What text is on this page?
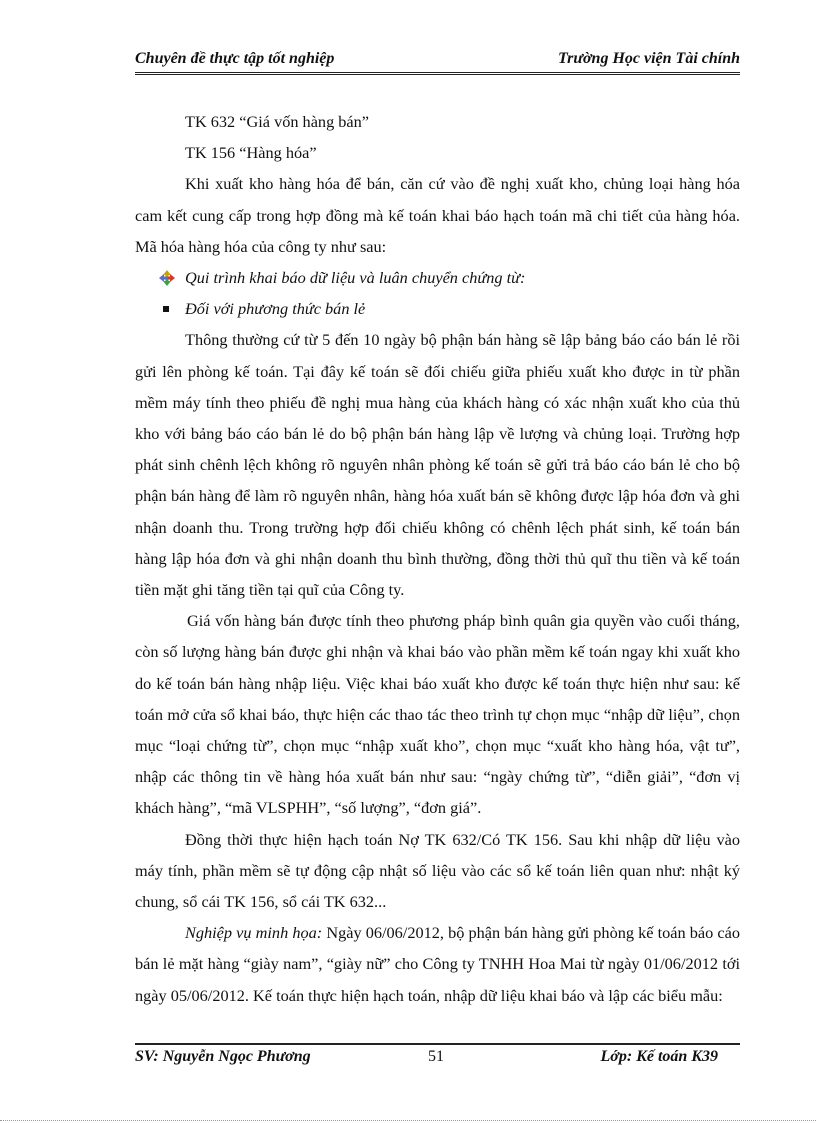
Chuyên đề thực tập tốt nghiệp	Trường Học viện Tài chính

TK 632 “Giá vốn hàng bán”

TK 156 “Hàng hóa”

Khi xuất kho hàng hóa để bán, căn cứ vào đề nghị xuất kho, chủng loại hàng hóa cam kết cung cấp trong hợp đồng mà kế toán khai báo hạch toán mã chi tiết của hàng hóa. Mã hóa hàng hóa của công ty như sau:

Qui trình khai báo dữ liệu và luân chuyển chứng từ:

Đối với phương thức bán lẻ

Thông thường cứ từ 5 đến 10 ngày bộ phận bán hàng sẽ lập bảng báo cáo bán lẻ rồi gửi lên phòng kế toán. Tại đây kế toán sẽ đối chiếu giữa phiếu xuất kho được in từ phần mềm máy tính theo phiếu đề nghị mua hàng của khách hàng có xác nhận xuất kho của thủ kho với bảng báo cáo bán lẻ do bộ phận bán hàng lập về lượng và chủng loại. Trường hợp phát sinh chênh lệch không rõ nguyên nhân phòng kế toán sẽ gửi trả báo cáo bán lẻ cho bộ phận bán hàng để làm rõ nguyên nhân, hàng hóa xuất bán sẽ không được lập hóa đơn và ghi nhận doanh thu. Trong trường hợp đối chiếu không có chênh lệch phát sinh, kế toán bán hàng lập hóa đơn và ghi nhận doanh thu bình thường, đồng thời thủ quĩ thu tiền và kế toán tiền mặt ghi tăng tiền tại quĩ của Công ty.

Giá vốn hàng bán được tính theo phương pháp bình quân gia quyền vào cuối tháng, còn số lượng hàng bán được ghi nhận và khai báo vào phần mềm kế toán ngay khi xuất kho do kế toán bán hàng nhập liệu. Việc khai báo xuất kho được kế toán thực hiện như sau: kế toán mở cửa sổ khai báo, thực hiện các thao tác theo trình tự chọn mục “nhập dữ liệu”, chọn mục “loại chứng từ”, chọn mục “nhập xuất kho”, chọn mục “xuất kho hàng hóa, vật tư”, nhập các thông tin về hàng hóa xuất bán như sau: “ngày chứng từ”, “diễn giải”, “đơn vị khách hàng”, “mã VLSPHH”, “số lượng”, “đơn giá”.

Đồng thời thực hiện hạch toán Nợ TK 632/Có TK 156. Sau khi nhập dữ liệu vào máy tính, phần mềm sẽ tự động cập nhật số liệu vào các sổ kế toán liên quan như: nhật ký chung, sổ cái TK 156, sổ cái TK 632...

Nghiệp vụ minh họa: Ngày 06/06/2012, bộ phận bán hàng gửi phòng kế toán báo cáo bán lẻ mặt hàng “giày nam”, “giày nữ” cho Công ty TNHH Hoa Mai từ ngày 01/06/2012 tới ngày 05/06/2012. Kế toán thực hiện hạch toán, nhập dữ liệu khai báo và lập các biểu mẫu:

SV: Nguyễn Ngọc Phương	51	Lớp: Kế toán K39
